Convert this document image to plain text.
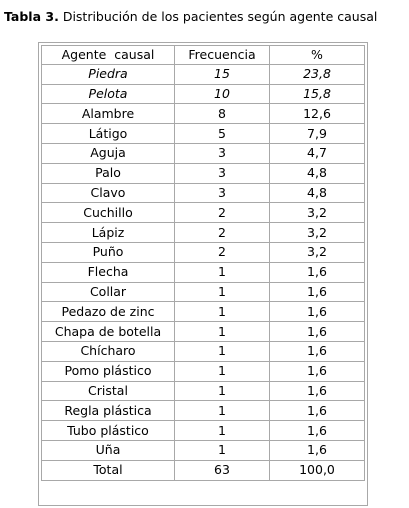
Tabla 3. Distribución de los pacientes según agente causal
Agente  causal	Frecuencia	%
Piedra	15	23,8
Pelota	10	15,8
Alambre	8	12,6
Látigo	5	7,9
Aguja	3	4,7
Palo	3	4,8
Clavo	3	4,8
Cuchillo	2	3,2
Lápiz	2	3,2
Puño	2	3,2
Flecha	1	1,6
Collar	1	1,6
Pedazo de zinc	1	1,6
Chapa de botella	1	1,6
Chícharo	1	1,6
Pomo plástico	1	1,6
Cristal	1	1,6
Regla plástica	1	1,6
Tubo plástico	1	1,6
Uña	1	1,6
Total	63	100,0
